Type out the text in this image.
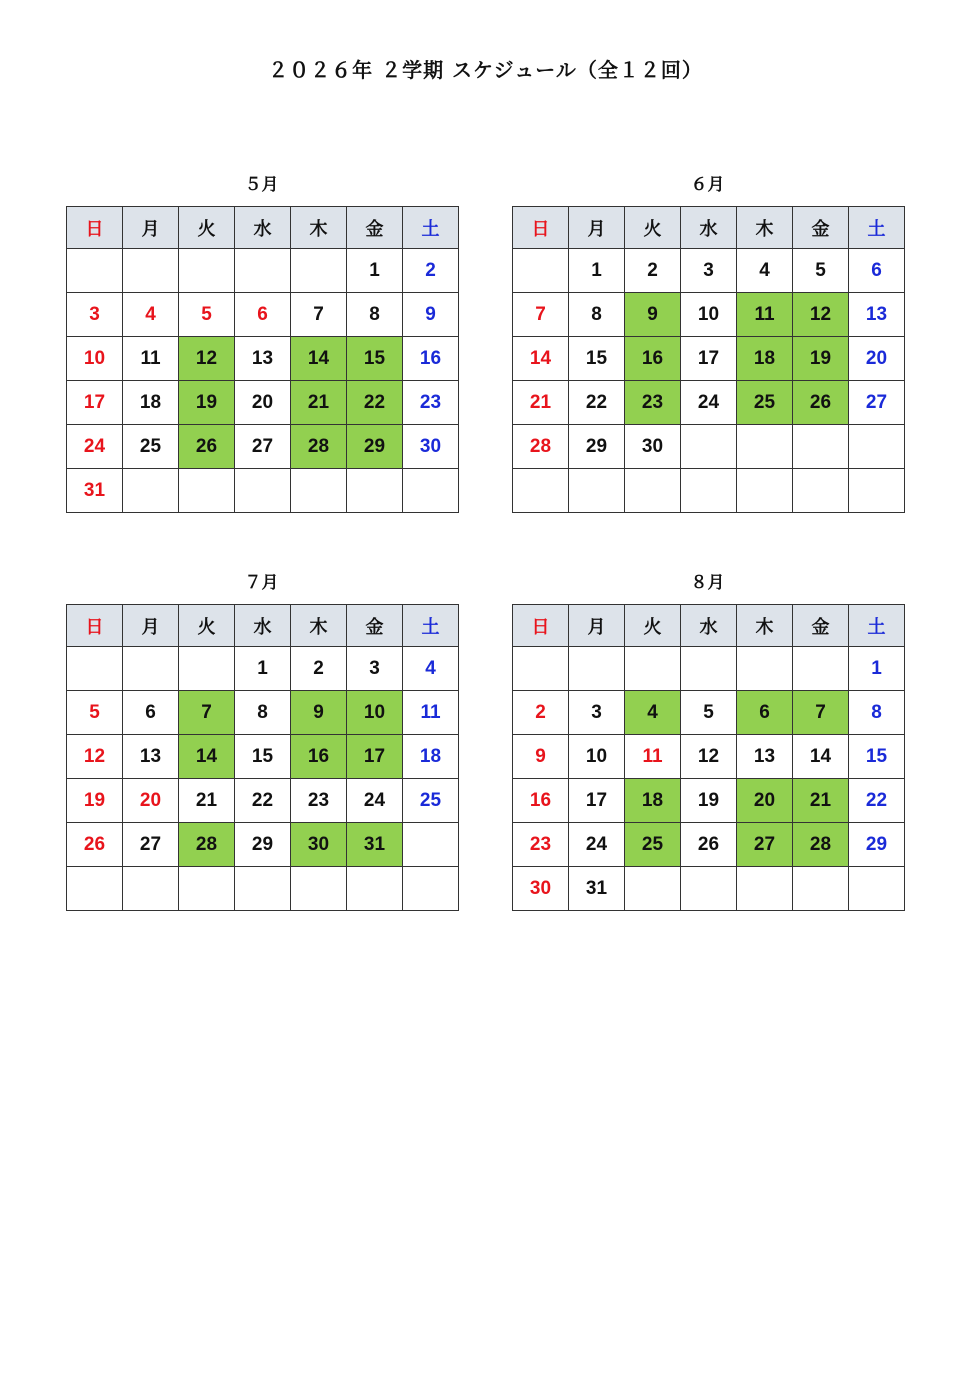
２０２６年 ２学期 スケジュール（全１２回）
５月
日	月	火	水	木	金	土
					1	2
3	4	5	6	7	8	9
10	11	12	13	14	15	16
17	18	19	20	21	22	23
24	25	26	27	28	29	30
31						
６月
日	月	火	水	木	金	土
	1	2	3	4	5	6
7	8	9	10	11	12	13
14	15	16	17	18	19	20
21	22	23	24	25	26	27
28	29	30				

７月
日	月	火	水	木	金	土
			1	2	3	4
5	6	7	8	9	10	11
12	13	14	15	16	17	18
19	20	21	22	23	24	25
26	27	28	29	30	31	

８月
日	月	火	水	木	金	土
						1
2	3	4	5	6	7	8
9	10	11	12	13	14	15
16	17	18	19	20	21	22
23	24	25	26	27	28	29
30	31					
